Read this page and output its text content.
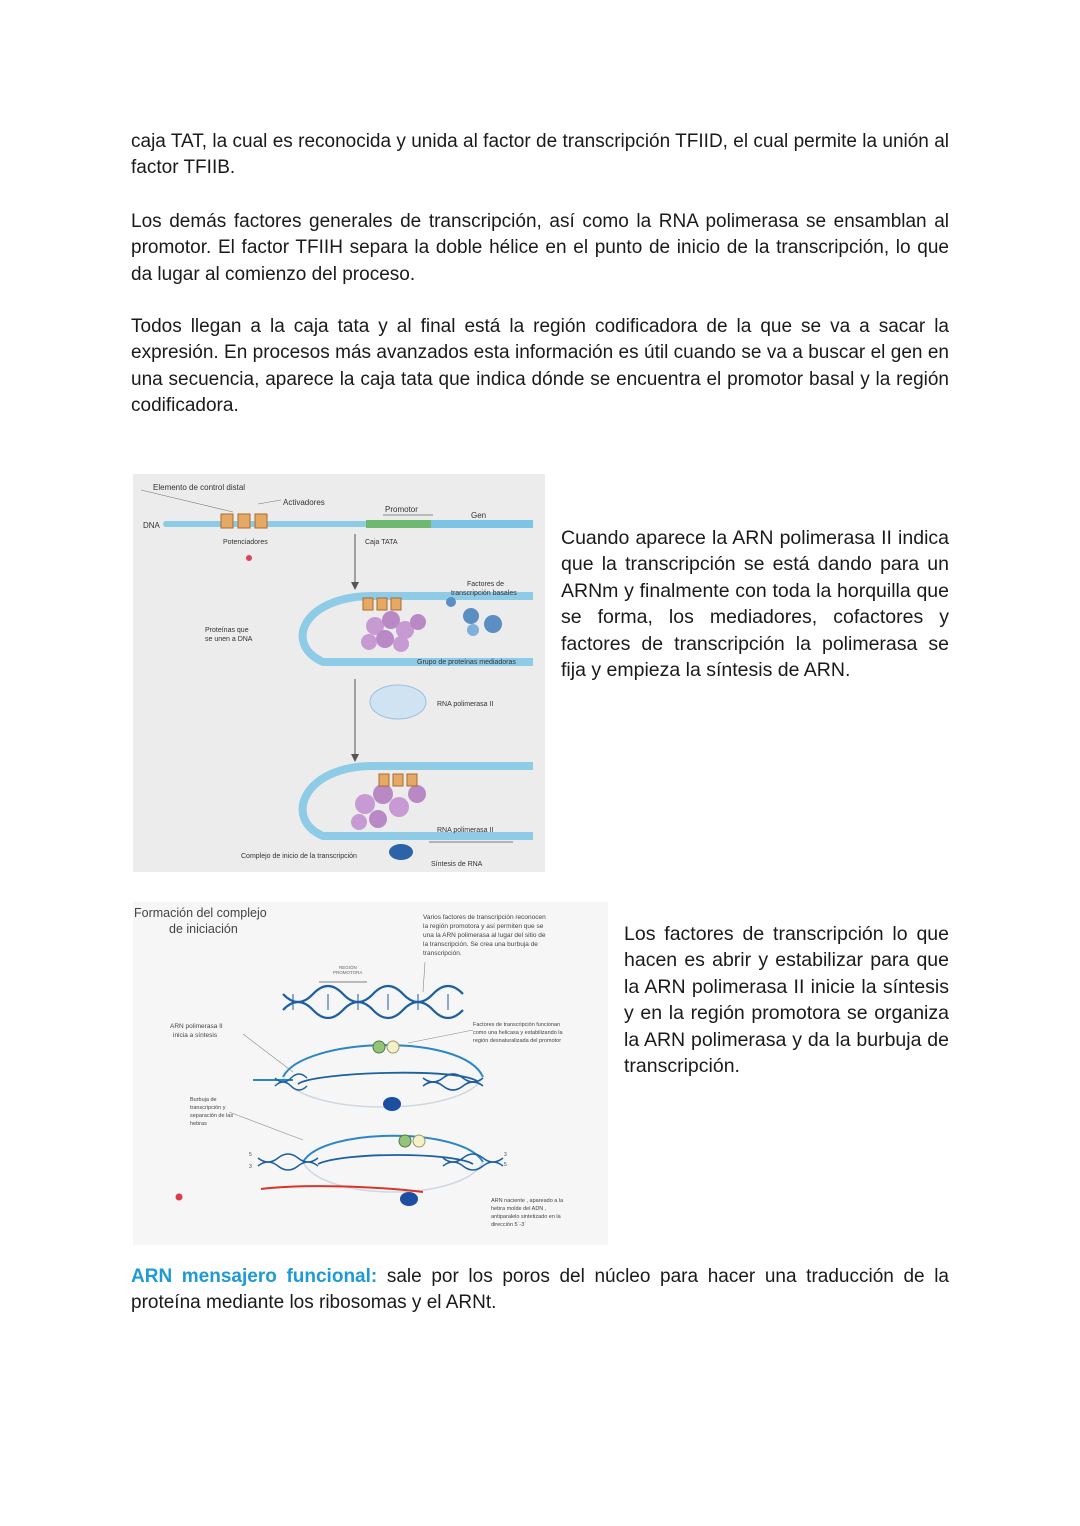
caja TAT, la cual es reconocida y unida al factor de transcripción TFIID, el cual permite la unión al factor TFIIB.

Los demás factores generales de transcripción, así como la RNA polimerasa se ensamblan al promotor. El factor TFIIH separa la doble hélice en el punto de inicio de la transcripción, lo que da lugar al comienzo del proceso.

Todos llegan a la caja tata y al final está la región codificadora de la que se va a sacar la expresión. En procesos más avanzados esta información es útil cuando se va a buscar el gen en una secuencia, aparece la caja tata que indica dónde se encuentra el promotor basal y la región codificadora.

Elemento de control distal
Activadores
Promotor
Gen
DNA
Potenciadores	Caja TATA
Factores de
transcripción basales
Proteínas que
se unen a DNA
Grupo de proteínas mediadoras
RNA polimerasa II
RNA polimerasa II
Complejo de inicio de la transcripción
Síntesis de RNA

Cuando aparece la ARN polimerasa II indica que la transcripción se está dando para un ARNm y finalmente con toda la horquilla que se forma, los mediadores, cofactores y factores de transcripción la polimerasa se fija y empieza la síntesis de ARN.

Formación del complejo
de iniciación
Varios factores de transcripción reconocen
la región promotora y así permiten que se
una la ARN polimerasa al lugar del sitio de
la transcripción. Se crea una burbuja de
transcripción.
REGIÓN
PROMOTORA
5
3
3
5
ARN polimerasa II
inicia a síntesis
Factores de transcripción funcionan
como una helicasa y estabilizando la
región desnaturalizada del promotor
Burbuja de
transcripción y
separación de las
hebras
ARN naciente , apareado a la
hebra molde del ADN ,
antiparalelo sintetizado en la
dirección 5´-3´

Los factores de transcripción lo que hacen es abrir y estabilizar para que la ARN polimerasa II inicie la síntesis y en la región promotora se organiza la ARN polimerasa y da la burbuja de transcripción.

ARN mensajero funcional: sale por los poros del núcleo para hacer una traducción de la proteína mediante los ribosomas y el ARNt.
